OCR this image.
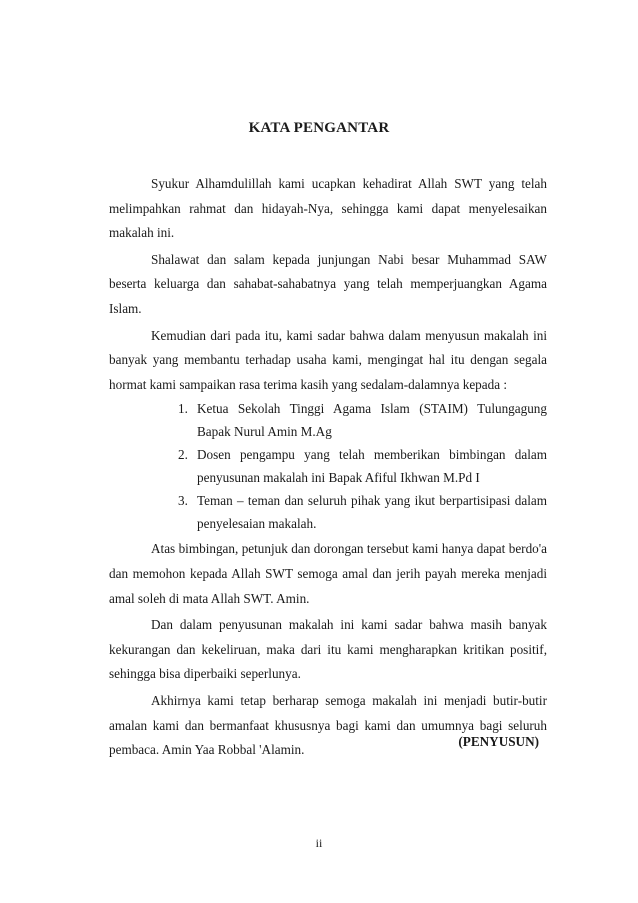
KATA PENGANTAR

Syukur Alhamdulillah kami ucapkan kehadirat Allah SWT yang telah melimpahkan rahmat dan hidayah-Nya, sehingga kami dapat menyelesaikan makalah ini.

Shalawat dan salam kepada junjungan Nabi besar Muhammad SAW beserta keluarga dan sahabat-sahabatnya yang telah memperjuangkan Agama Islam.

Kemudian dari pada itu, kami sadar bahwa dalam menyusun makalah ini banyak yang membantu terhadap usaha kami, mengingat hal itu dengan segala hormat kami sampaikan rasa terima kasih yang sedalam-dalamnya kepada :

1. Ketua Sekolah Tinggi Agama Islam (STAIM) Tulungagung Bapak Nurul Amin M.Ag
2. Dosen pengampu yang telah memberikan bimbingan dalam penyusunan makalah ini Bapak Afiful Ikhwan M.Pd I
3. Teman – teman dan seluruh pihak yang ikut berpartisipasi dalam penyelesaian makalah.

Atas bimbingan, petunjuk dan dorongan tersebut kami hanya dapat berdo'a dan memohon kepada Allah SWT semoga amal dan jerih payah mereka menjadi amal soleh di mata Allah SWT. Amin.

Dan dalam penyusunan makalah ini kami sadar bahwa masih banyak kekurangan dan kekeliruan, maka dari itu kami mengharapkan kritikan positif, sehingga bisa diperbaiki seperlunya.

Akhirnya kami tetap berharap semoga makalah ini menjadi butir-butir amalan kami dan bermanfaat khususnya bagi kami dan umumnya bagi seluruh pembaca. Amin Yaa Robbal 'Alamin.

(PENYUSUN)
ii
